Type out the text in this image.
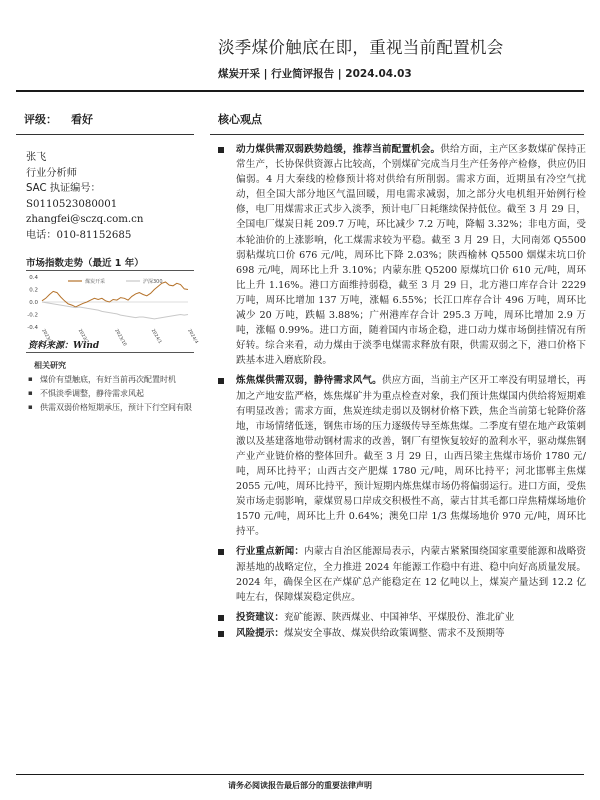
淡季煤价触底在即，重视当前配置机会
煤炭开采 | 行业简评报告 | 2024.04.03
评级： 看好	核心观点
张飞
行业分析师
SAC 执证编号：
S0110523080001
zhangfei@sczq.com.cn
电话：010-81152685
市场指数走势（最近 1 年）
0.4
0.2
0.0
-0.2
-0.4
煤炭开采	沪深300
2023/4	2023/7	2023/10	2024/1	2024/4
资料来源：Wind
相关研究
▪ 煤价有望触底，有好当前再次配置时机
▪ 不惧淡季调整，静待需求风起
▪ 供需双弱价格短期承压，预计下行空间有限
动力煤供需双弱跌势趋缓，推荐当前配置机会。供给方面，主产区多数煤矿保持正常生产，长协保供资源占比较高，个别煤矿完成当月生产任务停产检修，供应仍旧偏弱。4 月大秦线的检修预计将对供给有所削弱。需求方面，近期虽有冷空气扰动，但全国大部分地区气温回暖，用电需求减弱，加之部分火电机组开始例行检修，电厂用煤需求正式步入淡季，预计电厂日耗继续保持低位。截至 3 月 29 日，全国电厂煤炭日耗 209.7 万吨，环比减少 7.2 万吨，降幅 3.32%；非电方面，受本轮油价的上涨影响，化工煤需求较为平稳。截至 3 月 29 日，大同南郊 Q5500 弱粘煤坑口价 676 元/吨，周环比下降 2.03%；陕西榆林 Q5500 烟煤末坑口价 698 元/吨，周环比上升 3.10%；内蒙东胜 Q5200 原煤坑口价 610 元/吨，周环比上升 1.16%。港口方面维持弱稳，截至 3 月 29 日，北方港口库存合计 2229 万吨，周环比增加 137 万吨，涨幅 6.55%；长江口库存合计 496 万吨，周环比减少 20 万吨，跌幅 3.88%；广州港库存合计 295.3 万吨，周环比增加 2.9 万吨，涨幅 0.99%。进口方面，随着国内市场企稳，进口动力煤市场倒挂情况有所好转。综合来看，动力煤由于淡季电煤需求释放有限，供需双弱之下，港口价格下跌基本进入磨底阶段。
炼焦煤供需双弱，静待需求风气。供应方面，当前主产区开工率没有明显增长，再加之产地安监严格，炼焦煤矿井为重点检查对象，我们预计焦煤国内供给将短期难有明显改善；需求方面，焦炭连续走弱以及钢材价格下跌，焦企当前第七轮降价落地，市场情绪低迷，钢焦市场的压力逐级传导至炼焦煤。二季度有望在地产政策刺激以及基建落地带动钢材需求的改善，钢厂有望恢复较好的盈利水平，驱动煤焦钢产业产业链价格的整体回升。截至 3 月 29 日，山西吕梁主焦煤市场价 1780 元/吨，周环比持平；山西古交产肥煤 1780 元/吨，周环比持平；河北邯郸主焦煤 2055 元/吨，周环比持平，预计短期内炼焦煤市场仍将偏弱运行。进口方面，受焦炭市场走弱影响，蒙煤贸易口岸成交积极性不高，蒙古甘其毛都口岸焦精煤场地价 1570 元/吨，周环比上升 0.64%；澳免口岸 1/3 焦煤场地价 970 元/吨，周环比持平。
行业重点新闻：内蒙古自治区能源局表示，内蒙古紧紧围绕国家重要能源和战略资源基地的战略定位，全力推进 2024 年能源工作稳中有进、稳中向好高质量发展。2024 年，确保全区在产煤矿总产能稳定在 12 亿吨以上，煤炭产量达到 12.2 亿吨左右，保障煤炭稳定供应。
投资建议：兖矿能源、陕西煤业、中国神华、平煤股份、淮北矿业
风险提示：煤炭安全事故、煤炭供给政策调整、需求不及预期等
请务必阅读报告最后部分的重要法律声明
